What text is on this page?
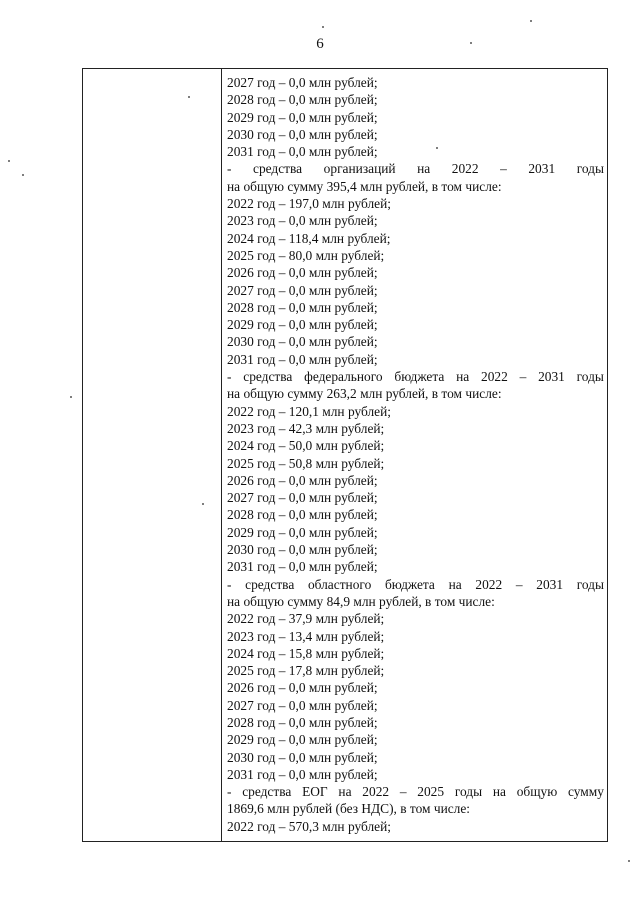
6
2027 год – 0,0 млн рублей;
2028 год – 0,0 млн рублей;
2029 год – 0,0 млн рублей;
2030 год – 0,0 млн рублей;
2031 год – 0,0 млн рублей;
- средства организаций на 2022 – 2031 годы
на общую сумму 395,4 млн рублей, в том числе:
2022 год – 197,0 млн рублей;
2023 год – 0,0 млн рублей;
2024 год – 118,4 млн рублей;
2025 год – 80,0 млн рублей;
2026 год – 0,0 млн рублей;
2027 год – 0,0 млн рублей;
2028 год – 0,0 млн рублей;
2029 год – 0,0 млн рублей;
2030 год – 0,0 млн рублей;
2031 год – 0,0 млн рублей;
- средства федерального бюджета на 2022 – 2031 годы
на общую сумму 263,2 млн рублей, в том числе:
2022 год – 120,1 млн рублей;
2023 год – 42,3 млн рублей;
2024 год – 50,0 млн рублей;
2025 год – 50,8 млн рублей;
2026 год – 0,0 млн рублей;
2027 год – 0,0 млн рублей;
2028 год – 0,0 млн рублей;
2029 год – 0,0 млн рублей;
2030 год – 0,0 млн рублей;
2031 год – 0,0 млн рублей;
- средства областного бюджета на 2022 – 2031 годы
на общую сумму 84,9 млн рублей, в том числе:
2022 год – 37,9 млн рублей;
2023 год – 13,4 млн рублей;
2024 год – 15,8 млн рублей;
2025 год – 17,8 млн рублей;
2026 год – 0,0 млн рублей;
2027 год – 0,0 млн рублей;
2028 год – 0,0 млн рублей;
2029 год – 0,0 млн рублей;
2030 год – 0,0 млн рублей;
2031 год – 0,0 млн рублей;
- средства ЕОГ на 2022 – 2025 годы на общую сумму
1869,6 млн рублей (без НДС), в том числе:
2022 год – 570,3 млн рублей;
